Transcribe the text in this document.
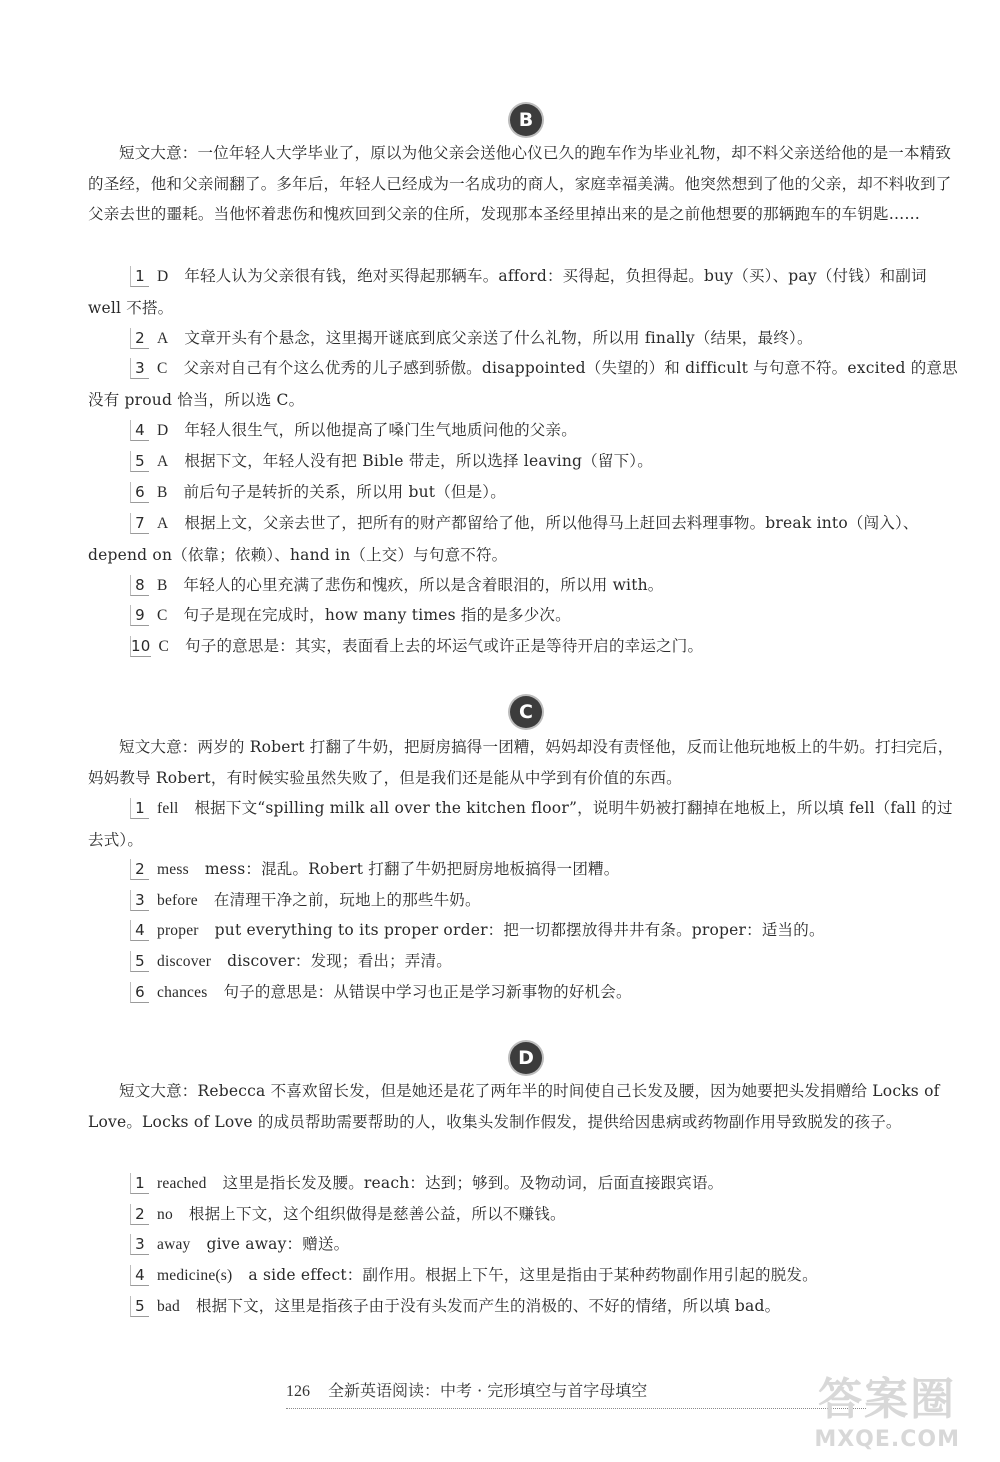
B
短文大意：一位年轻人大学毕业了，原以为他父亲会送他心仪已久的跑车作为毕业礼物，却不料父亲送给他的是一本精致的圣经，他和父亲闹翻了。多年后，年轻人已经成为一名成功的商人，家庭幸福美满。他突然想到了他的父亲，却不料收到了父亲去世的噩耗。当他怀着悲伤和愧疚回到父亲的住所，发现那本圣经里掉出来的是之前他想要的那辆跑车的车钥匙……
1 D 年轻人认为父亲很有钱，绝对买得起那辆车。afford：买得起，负担得起。buy（买）、pay（付钱）和副词 well 不搭。
2 A 文章开头有个悬念，这里揭开谜底到底父亲送了什么礼物，所以用 finally（结果，最终）。
3 C 父亲对自己有个这么优秀的儿子感到骄傲。disappointed（失望的）和 difficult 与句意不符。excited 的意思没有 proud 恰当，所以选 C。
4 D 年轻人很生气，所以他提高了嗓门生气地质问他的父亲。
5 A 根据下文，年轻人没有把 Bible 带走，所以选择 leaving（留下）。
6 B 前后句子是转折的关系，所以用 but（但是）。
7 A 根据上文，父亲去世了，把所有的财产都留给了他，所以他得马上赶回去料理事物。break into（闯入）、depend on（依靠；依赖）、hand in（上交）与句意不符。
8 B 年轻人的心里充满了悲伤和愧疚，所以是含着眼泪的，所以用 with。
9 C 句子是现在完成时，how many times 指的是多少次。
10 C 句子的意思是：其实，表面看上去的坏运气或许正是等待开启的幸运之门。
C
短文大意：两岁的 Robert 打翻了牛奶，把厨房搞得一团糟，妈妈却没有责怪他，反而让他玩地板上的牛奶。打扫完后，妈妈教导 Robert，有时候实验虽然失败了，但是我们还是能从中学到有价值的东西。
1 fell 根据下文“spilling milk all over the kitchen floor”，说明牛奶被打翻掉在地板上，所以填 fell（fall 的过去式）。
2 mess mess：混乱。Robert 打翻了牛奶把厨房地板搞得一团糟。
3 before 在清理干净之前，玩地上的那些牛奶。
4 proper put everything to its proper order：把一切都摆放得井井有条。proper：适当的。
5 discover discover：发现；看出；弄清。
6 chances 句子的意思是：从错误中学习也正是学习新事物的好机会。
D
短文大意：Rebecca 不喜欢留长发，但是她还是花了两年半的时间使自己长发及腰，因为她要把头发捐赠给 Locks of Love。Locks of Love 的成员帮助需要帮助的人，收集头发制作假发，提供给因患病或药物副作用导致脱发的孩子。
1 reached 这里是指长发及腰。reach：达到；够到。及物动词，后面直接跟宾语。
2 no 根据上下文，这个组织做得是慈善公益，所以不赚钱。
3 away give away：赠送。
4 medicine(s) a side effect：副作用。根据上下午，这里是指由于某种药物副作用引起的脱发。
5 bad 根据下文，这里是指孩子由于没有头发而产生的消极的、不好的情绪，所以填 bad。
126 全新英语阅读：中考 · 完形填空与首字母填空	答案圈
MXQE.COM
